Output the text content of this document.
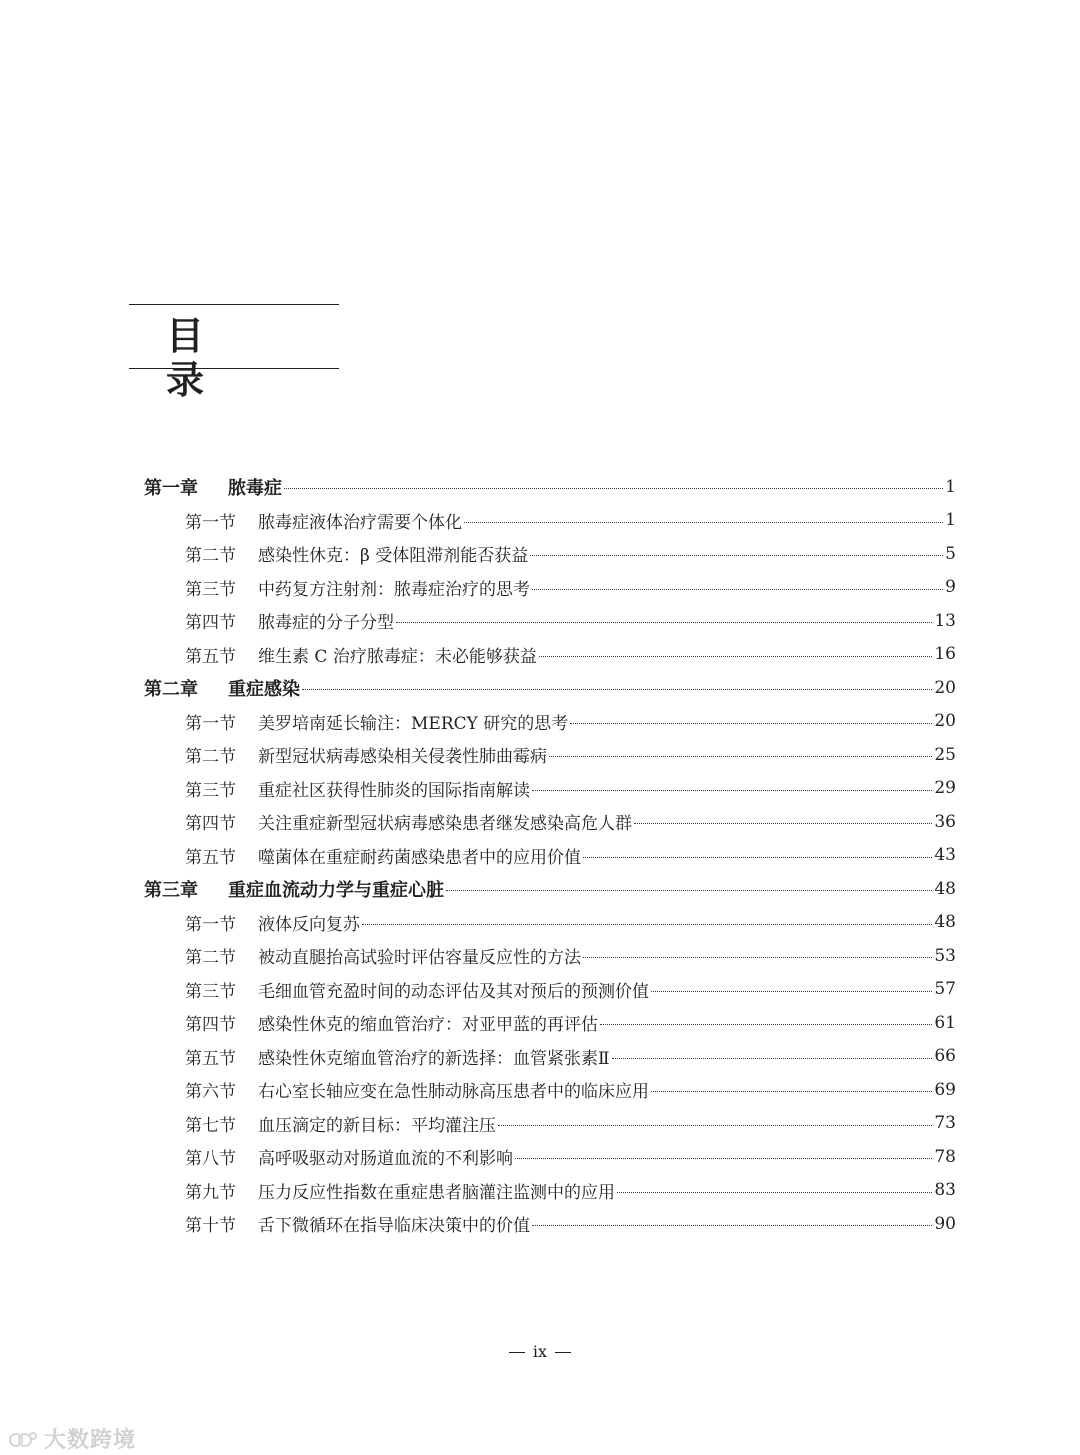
目 录
第一章	脓毒症	1
第一节	脓毒症液体治疗需要个体化	1
第二节	感染性休克：β 受体阻滞剂能否获益	5
第三节	中药复方注射剂：脓毒症治疗的思考	9
第四节	脓毒症的分子分型	13
第五节	维生素 C 治疗脓毒症：未必能够获益	16
第二章	重症感染	20
第一节	美罗培南延长输注：MERCY 研究的思考	20
第二节	新型冠状病毒感染相关侵袭性肺曲霉病	25
第三节	重症社区获得性肺炎的国际指南解读	29
第四节	关注重症新型冠状病毒感染患者继发感染高危人群	36
第五节	噬菌体在重症耐药菌感染患者中的应用价值	43
第三章	重症血流动力学与重症心脏	48
第一节	液体反向复苏	48
第二节	被动直腿抬高试验时评估容量反应性的方法	53
第三节	毛细血管充盈时间的动态评估及其对预后的预测价值	57
第四节	感染性休克的缩血管治疗：对亚甲蓝的再评估	61
第五节	感染性休克缩血管治疗的新选择：血管紧张素Ⅱ	66
第六节	右心室长轴应变在急性肺动脉高压患者中的临床应用	69
第七节	血压滴定的新目标：平均灌注压	73
第八节	高呼吸驱动对肠道血流的不利影响	78
第九节	压力反应性指数在重症患者脑灌注监测中的应用	83
第十节	舌下微循环在指导临床决策中的价值	90
ix
大数跨境
